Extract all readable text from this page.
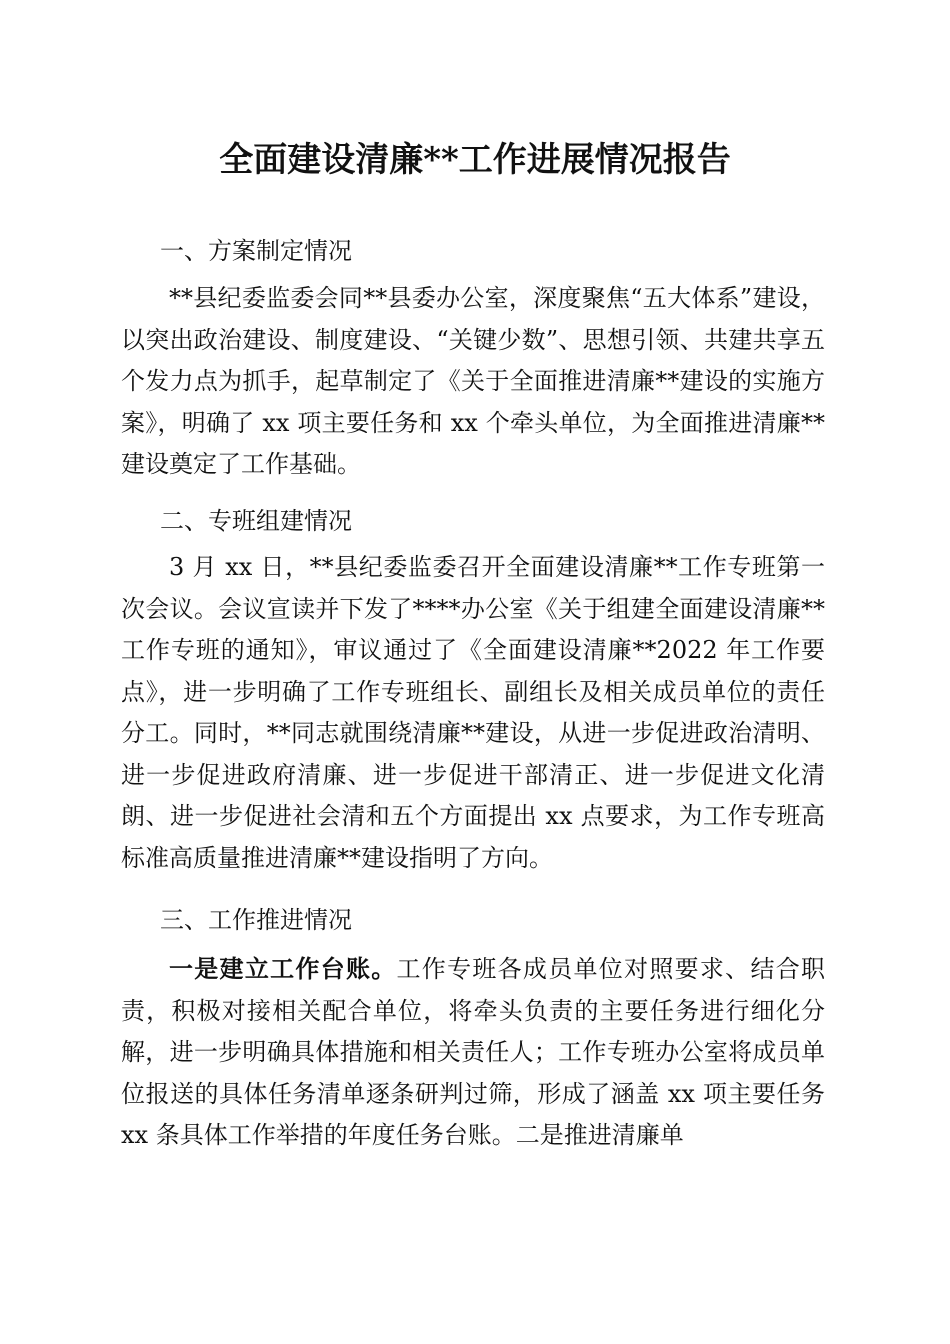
全面建设清廉**工作进展情况报告
一、方案制定情况

**县纪委监委会同**县委办公室，深度聚焦“五大体系”建设，以突出政治建设、制度建设、“关键少数”、思想引领、共建共享五个发力点为抓手，起草制定了《关于全面推进清廉**建设的实施方案》，明确了 xx 项主要任务和 xx 个牵头单位，为全面推进清廉**建设奠定了工作基础。

二、专班组建情况

3 月 xx 日，**县纪委监委召开全面建设清廉**工作专班第一次会议。会议宣读并下发了****办公室《关于组建全面建设清廉**工作专班的通知》，审议通过了《全面建设清廉**2022 年工作要点》，进一步明确了工作专班组长、副组长及相关成员单位的责任分工。同时，**同志就围绕清廉**建设，从进一步促进政治清明、进一步促进政府清廉、进一步促进干部清正、进一步促进文化清朗、进一步促进社会清和五个方面提出 xx 点要求，为工作专班高标准高质量推进清廉**建设指明了方向。

三、工作推进情况

一是建立工作台账。工作专班各成员单位对照要求、结合职责，积极对接相关配合单位，将牵头负责的主要任务进行细化分解，进一步明确具体措施和相关责任人；工作专班办公室将成员单位报送的具体任务清单逐条研判过筛，形成了涵盖 xx 项主要任务 xx 条具体工作举措的年度任务台账。二是推进清廉单
